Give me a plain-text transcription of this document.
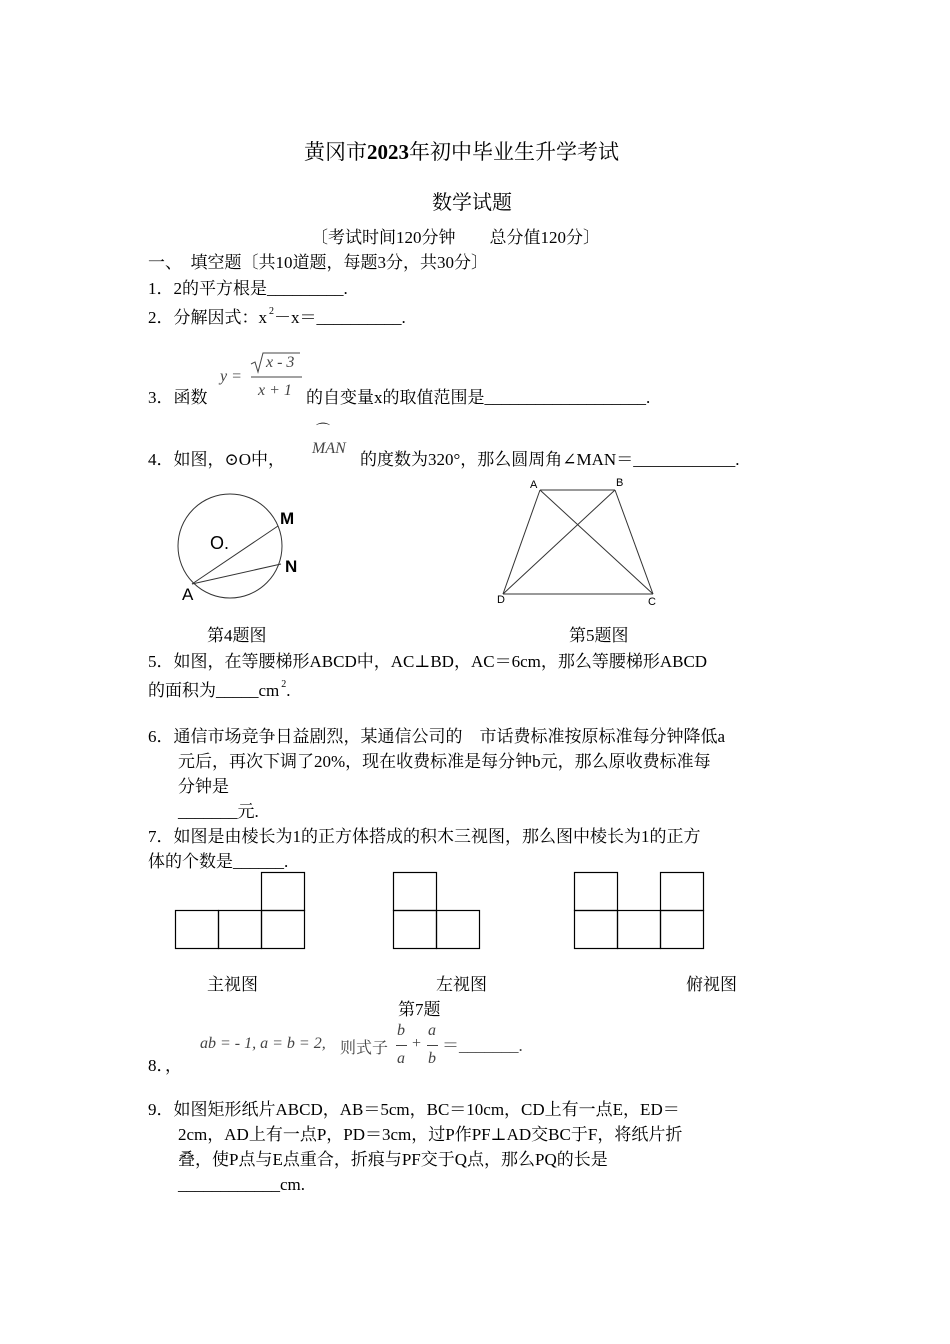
黄冈市2023年初中毕业生升学考试
数学试题
〔考试时间120分钟　　总分值120分〕
一、　填空题〔共10道题，每题3分，共30分〕
1．2的平方根是_________.
2．分解因式：x $^2$－x＝__________.
3．函数
y =
x - 3
x + 1 的自变量x的取值范围是___________________.
4．如图，⊙O中，
⌒
MAN
的度数为320°，那么圆周角∠MAN＝____________.
O.
M
N
A
第4题图
A	B
D	C
第5题图
5．如图，在等腰梯形ABCD中，AC⊥BD，AC＝6cm，那么等腰梯形ABCD
的面积为_____cm $^2$.
6．通信市场竞争日益剧烈，某通信公司的　市话费标准按原标准每分钟降低a
元后，再次下调了20%，现在收费标准是每分钟b元，那么原收费标准每
分钟是
_______元.
7．如图是由棱长为1的正方体搭成的积木三视图，那么图中棱长为1的正方
体的个数是______.
主视图	左视图	俯视图
第7题
ab = - 1, a = b = 2, 则式子
b
a
+
a
b
＝_______.
8．，
9．如图矩形纸片ABCD，AB＝5cm，BC＝10cm，CD上有一点E，ED＝
2cm，AD上有一点P，PD＝3cm，过P作PF⊥AD交BC于F，将纸片折
叠，使P点与E点重合，折痕与PF交于Q点，那么PQ的长是
____________cm.
